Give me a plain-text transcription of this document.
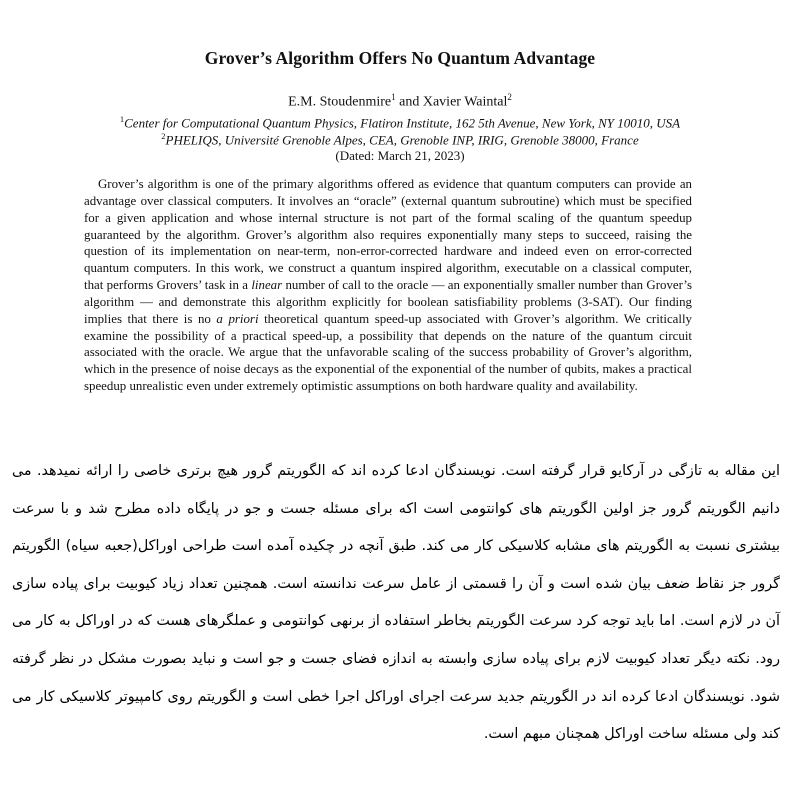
Grover’s Algorithm Offers No Quantum Advantage
E.M. Stoudenmire$^1$ and Xavier Waintal$^2$
$^1$Center for Computational Quantum Physics, Flatiron Institute, 162 5th Avenue, New York, NY 10010, USA
$^2$PHELIQS, Université Grenoble Alpes, CEA, Grenoble INP, IRIG, Grenoble 38000, France
(Dated: March 21, 2023)
Grover’s algorithm is one of the primary algorithms offered as evidence that quantum computers can provide an advantage over classical computers. It involves an “oracle” (external quantum subroutine) which must be specified for a given application and whose internal structure is not part of the formal scaling of the quantum speedup guaranteed by the algorithm. Grover’s algorithm also requires exponentially many steps to succeed, raising the question of its implementation on near-term, non-error-corrected hardware and indeed even on error-corrected quantum computers. In this work, we construct a quantum inspired algorithm, executable on a classical computer, that performs Grovers’ task in a linear number of call to the oracle — an exponentially smaller number than Grover’s algorithm — and demonstrate this algorithm explicitly for boolean satisfiability problems (3-SAT). Our finding implies that there is no a priori theoretical quantum speed-up associated with Grover’s algorithm. We critically examine the possibility of a practical speed-up, a possibility that depends on the nature of the quantum circuit associated with the oracle. We argue that the unfavorable scaling of the success probability of Grover’s algorithm, which in the presence of noise decays as the exponential of the exponential of the number of qubits, makes a practical speedup unrealistic even under extremely optimistic assumptions on both hardware quality and availability.
این مقاله به تازگی در آرکایو قرار گرفته است. نویسندگان ادعا کرده اند که الگوریتم گرور هیچ برتری خاصی را ارائه نمیدهد. می دانیم الگوریتم گرور جز اولین الگوریتم های کوانتومی است اکه برای مسئله جست و جو در پایگاه داده مطرح شد و با سرعت بیشتری نسبت به الگوریتم های مشابه کلاسیکی کار می کند. طبق آنچه در چکیده آمده است طراحی اوراکل(جعبه سیاه) الگوریتم گرور جز نقاط ضعف بیان شده است و آن را قسمتی از عامل سرعت ندانسته است. همچنین تعداد زیاد کیوبیت برای پیاده سازی آن در لازم است. اما باید توجه کرد سرعت الگوریتم بخاطر استفاده از برنهی کوانتومی و عملگرهای هست که در اوراکل به کار می رود. نکته دیگر تعداد کیوبیت لازم برای پیاده سازی وابسته به اندازه فضای جست و جو است و نباید بصورت مشکل در نظر گرفته شود. نویسندگان ادعا کرده اند در الگوریتم جدید سرعت اجرای اوراکل اجرا خطی است و الگوریتم روی کامپیوتر کلاسیکی کار می کند ولی مسئله ساخت اوراکل همچنان مبهم است.
